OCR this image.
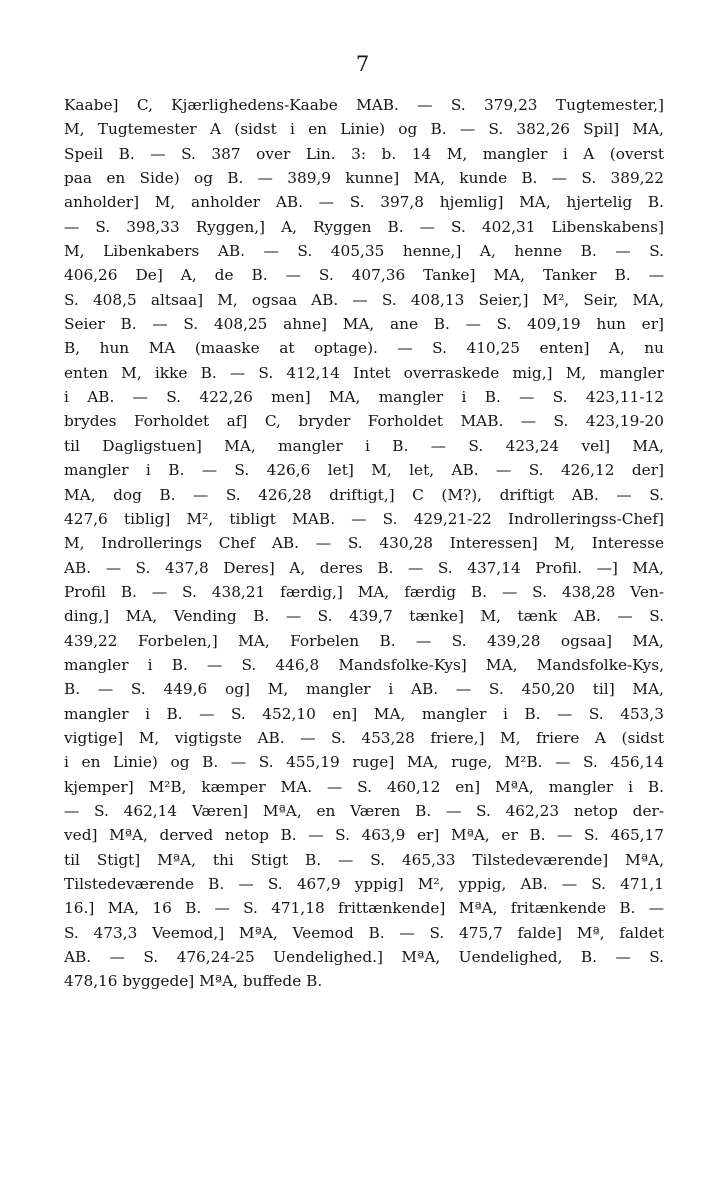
7
Kaabe] C, Kjærlighedens-Kaabe MAB. — S. 379,23 Tugtemester,]
M, Tugtemester A (sidst i en Linie) og B. — S. 382,26 Spil] MA,
Speil B. — S. 387 over Lin. 3: b. 14 M, mangler i A (overst
paa en Side) og B. — 389,9 kunne] MA, kunde B. — S. 389,22
anholder] M, anholder AB. — S. 397,8 hjemlig] MA, hjertelig B.
— S. 398,33 Ryggen,] A, Ryggen B. — S. 402,31 Libenskabens]
M, Libenkabers AB. — S. 405,35 henne,] A, henne B. — S.
406,26 De] A, de B. — S. 407,36 Tanke] MA, Tanker B. —
S. 408,5 altsaa] M, ogsaa AB. — S. 408,13 Seier,] M², Seir, MA,
Seier B. — S. 408,25 ahne] MA, ane B. — S. 409,19 hun er]
B, hun MA (maaske at optage). — S. 410,25 enten] A, nu
enten M, ikke B. — S. 412,14 Intet overraskede mig,] M, mangler
i AB. — S. 422,26 men] MA, mangler i B. — S. 423,11-12
brydes Forholdet af] C, bryder Forholdet MAB. — S. 423,19-20
til Dagligstuen] MA, mangler i B. — S. 423,24 vel] MA,
mangler i B. — S. 426,6 let] M, let, AB. — S. 426,12 der]
MA, dog B. — S. 426,28 driftigt,] C (M?), driftigt AB. — S.
427,6 tiblig] M², tibligt MAB. — S. 429,21-22 Indrolleringss-Chef]
M, Indrollerings Chef AB. — S. 430,28 Interessen] M, Interesse
AB. — S. 437,8 Deres] A, deres B. — S. 437,14 Profil. —] MA,
Profil B. — S. 438,21 færdig,] MA, færdig B. — S. 438,28 Ven-
ding,] MA, Vending B. — S. 439,7 tænke] M, tænk AB. — S.
439,22 Forbelen,] MA, Forbelen B. — S. 439,28 ogsaa] MA,
mangler i B. — S. 446,8 Mandsfolke-Kys] MA, Mandsfolke-Kys,
B. — S. 449,6 og] M, mangler i AB. — S. 450,20 til] MA,
mangler i B. — S. 452,10 en] MA, mangler i B. — S. 453,3
vigtige] M, vigtigste AB. — S. 453,28 friere,] M, friere A (sidst
i en Linie) og B. — S. 455,19 ruge] MA, ruge, M²B. — S. 456,14
kjemper] M²B, kæmper MA. — S. 460,12 en] MªA, mangler i B.
— S. 462,14 Væren] MªA, en Væren B. — S. 462,23 netop der-
ved] MªA, derved netop B. — S. 463,9 er] MªA, er B. — S. 465,17
til Stigt] MªA, thi Stigt B. — S. 465,33 Tilstedeværende] MªA,
Tilstedeværende B. — S. 467,9 yppig] M², yppig, AB. — S. 471,1
16.] MA, 16 B. — S. 471,18 frittænkende] MªA, fritænkende B. —
S. 473,3 Veemod,] MªA, Veemod B. — S. 475,7 falde] Mª, faldet
AB. — S. 476,24-25 Uendelighed.] MªA, Uendelighed, B. — S.
478,16 byggede] MªA, buffede B.
